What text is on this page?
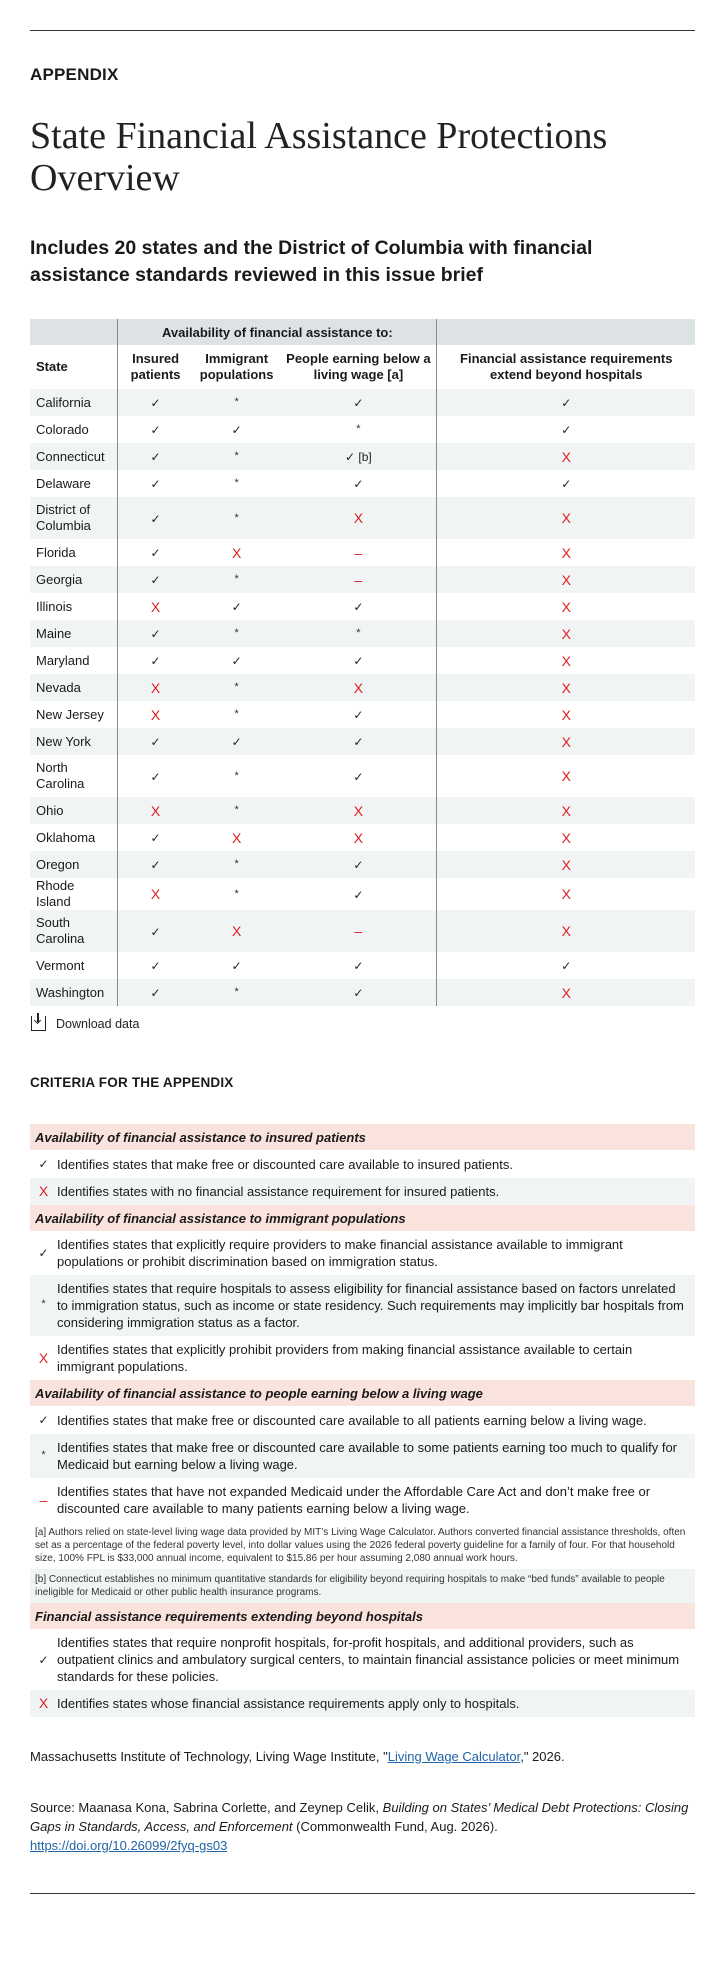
APPENDIX
State Financial Assistance Protections Overview
Includes 20 states and the District of Columbia with financial assistance standards reviewed in this issue brief
	Availability of financial assistance to:			
State	Insured patients	Immigrant populations	People earning below a living wage [a]	Financial assistance requirements extend beyond hospitals
California	✓	*	✓	✓
Colorado	✓	✓	*	✓
Connecticut	✓	*	✓ [b]	X
Delaware	✓	*	✓	✓
District of Columbia	✓	*	X	X
Florida	✓	X	–	X
Georgia	✓	*	–	X
Illinois	X	✓	✓	X
Maine	✓	*	*	X
Maryland	✓	✓	✓	X
Nevada	X	*	X	X
New Jersey	X	*	✓	X
New York	✓	✓	✓	X
North Carolina	✓	*	✓	X
Ohio	X	*	X	X
Oklahoma	✓	X	X	X
Oregon	✓	*	✓	X
Rhode Island	X	*	✓	X
South Carolina	✓	X	–	X
Vermont	✓	✓	✓	✓
Washington	✓	*	✓	X
Download data
CRITERIA FOR THE APPENDIX
Availability of financial assistance to insured patients	
✓	Identifies states that make free or discounted care available to insured patients.
X	Identifies states with no financial assistance requirement for insured patients.
Availability of financial assistance to immigrant populations	
✓	Identifies states that explicitly require providers to make financial assistance available to immigrant populations or prohibit discrimination based on immigration status.
*	Identifies states that require hospitals to assess eligibility for financial assistance based on factors unrelated to immigration status, such as income or state residency. Such requirements may implicitly bar hospitals from considering immigration status as a factor.
X	Identifies states that explicitly prohibit providers from making financial assistance available to certain immigrant populations.
Availability of financial assistance to people earning below a living wage	
✓	Identifies states that make free or discounted care available to all patients earning below a living wage.
*	Identifies states that make free or discounted care available to some patients earning too much to qualify for Medicaid but earning below a living wage.
–	Identifies states that have not expanded Medicaid under the Affordable Care Act and don’t make free or discounted care available to many patients earning below a living wage.
[a] Authors relied on state-level living wage data provided by MIT’s Living Wage Calculator. Authors converted financial assistance thresholds, often set as a percentage of the federal poverty level, into dollar values using the 2026 federal poverty guideline for a family of four. For that household size, 100% FPL is $33,000 annual income, equivalent to $15.86 per hour assuming 2,080 annual work hours.	
[b] Connecticut establishes no minimum quantitative standards for eligibility beyond requiring hospitals to make “bed funds” available to people ineligible for Medicaid or other public health insurance programs.	
Financial assistance requirements extending beyond hospitals	
✓	Identifies states that require nonprofit hospitals, for-profit hospitals, and additional providers, such as outpatient clinics and ambulatory surgical centers, to maintain financial assistance policies or meet minimum standards for these policies.
X	Identifies states whose financial assistance requirements apply only to hospitals.
Massachusetts Institute of Technology, Living Wage Institute, "Living Wage Calculator," 2026.
Source: Maanasa Kona, Sabrina Corlette, and Zeynep Celik, Building on States’ Medical Debt Protections: Closing Gaps in Standards, Access, and Enforcement (Commonwealth Fund, Aug. 2026).
https://doi.org/10.26099/2fyq-gs03
